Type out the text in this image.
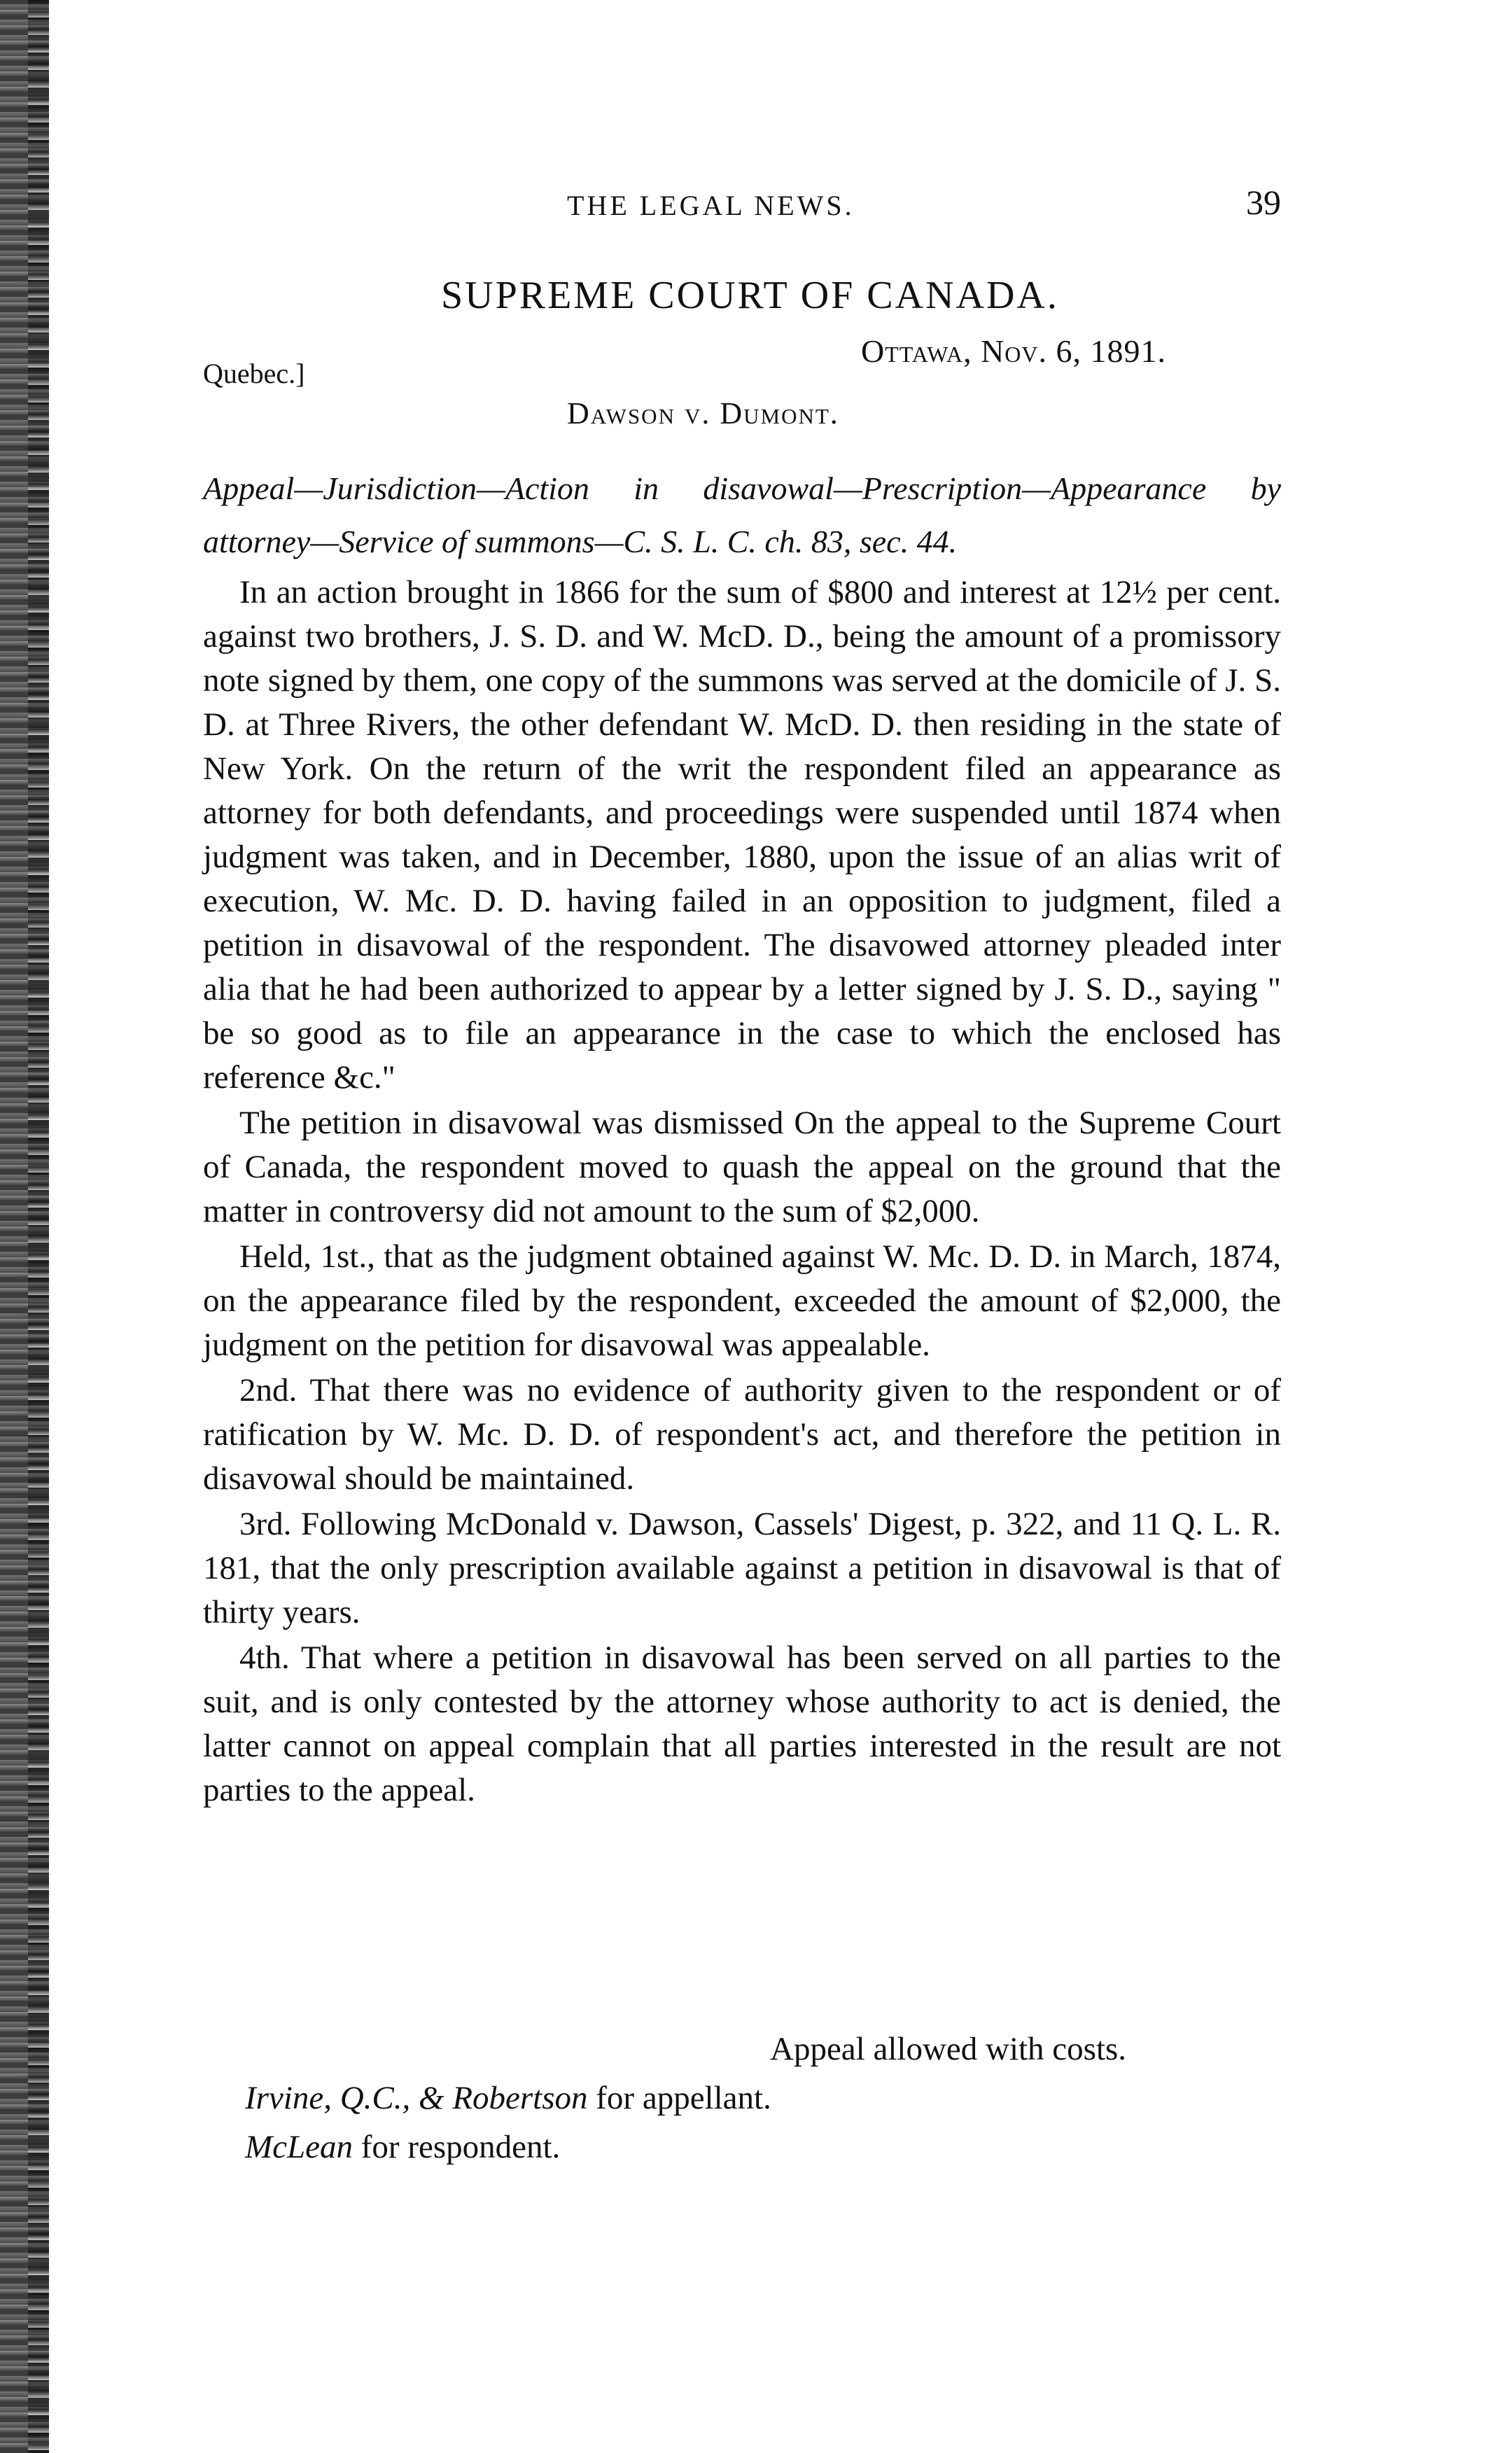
THE LEGAL NEWS.	39
SUPREME COURT OF CANADA.
Ottawa, Nov. 6, 1891.
Quebec.]
Dawson v. Dumont.
Appeal—Jurisdiction—Action in disavowal—Prescription—Appearance by attorney—Service of summons—C. S. L. C. ch. 83, sec. 44.

In an action brought in 1866 for the sum of $800 and interest at 12½ per cent. against two brothers, J. S. D. and W. McD. D., being the amount of a promissory note signed by them, one copy of the summons was served at the domicile of J. S. D. at Three Rivers, the other defendant W. McD. D. then residing in the state of New York. On the return of the writ the respondent filed an appearance as attorney for both defendants, and proceedings were suspended until 1874 when judgment was taken, and in December, 1880, upon the issue of an alias writ of execution, W. Mc. D. D. having failed in an opposition to judgment, filed a petition in disavowal of the respondent. The disavowed attorney pleaded inter alia that he had been authorized to appear by a letter signed by J. S. D., saying " be so good as to file an appearance in the case to which the enclosed has reference &c."

The petition in disavowal was dismissed On the appeal to the Supreme Court of Canada, the respondent moved to quash the appeal on the ground that the matter in controversy did not amount to the sum of $2,000.

Held, 1st., that as the judgment obtained against W. Mc. D. D. in March, 1874, on the appearance filed by the respondent, exceeded the amount of $2,000, the judgment on the petition for disavowal was appealable.

2nd. That there was no evidence of authority given to the respondent or of ratification by W. Mc. D. D. of respondent's act, and therefore the petition in disavowal should be maintained.

3rd. Following McDonald v. Dawson, Cassels' Digest, p. 322, and 11 Q. L. R. 181, that the only prescription available against a petition in disavowal is that of thirty years.

4th. That where a petition in disavowal has been served on all parties to the suit, and is only contested by the attorney whose authority to act is denied, the latter cannot on appeal complain that all parties interested in the result are not parties to the appeal.

Appeal allowed with costs.
Irvine, Q.C., & Robertson for appellant.
McLean for respondent.
